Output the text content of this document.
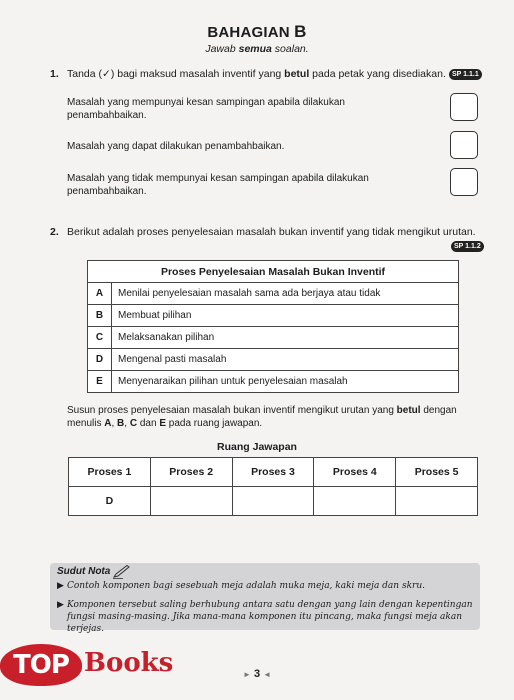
BAHAGIAN B
Jawab semua soalan.
1. Tanda (✓) bagi maksud masalah inventif yang betul pada petak yang disediakan. SP 1.1.1
Masalah yang mempunyai kesan sampingan apabila dilakukan penambahbaikan.
Masalah yang dapat dilakukan penambahbaikan.
Masalah yang tidak mempunyai kesan sampingan apabila dilakukan penambahbaikan.
2. Berikut adalah proses penyelesaian masalah bukan inventif yang tidak mengikut urutan.
SP 1.1.2
Proses Penyelesaian Masalah Bukan Inventif	
A	Menilai penyelesaian masalah sama ada berjaya atau tidak
B	Membuat pilihan
C	Melaksanakan pilihan
D	Mengenal pasti masalah
E	Menyenaraikan pilihan untuk penyelesaian masalah
Susun proses penyelesaian masalah bukan inventif mengikut urutan yang betul dengan menulis A, B, C dan E pada ruang jawapan.
Ruang Jawapan
Proses 1	Proses 2	Proses 3	Proses 4	Proses 5
D				
Sudut Nota
▶ Contoh komponen bagi sesebuah meja adalah muka meja, kaki meja dan skru.
▶ Komponen tersebut saling berhubung antara satu dengan yang lain dengan kepentingan fungsi masing-masing. Jika mana-mana komponen itu pincang, maka fungsi meja akan terjejas.
► 3 ◄
TOP Books
